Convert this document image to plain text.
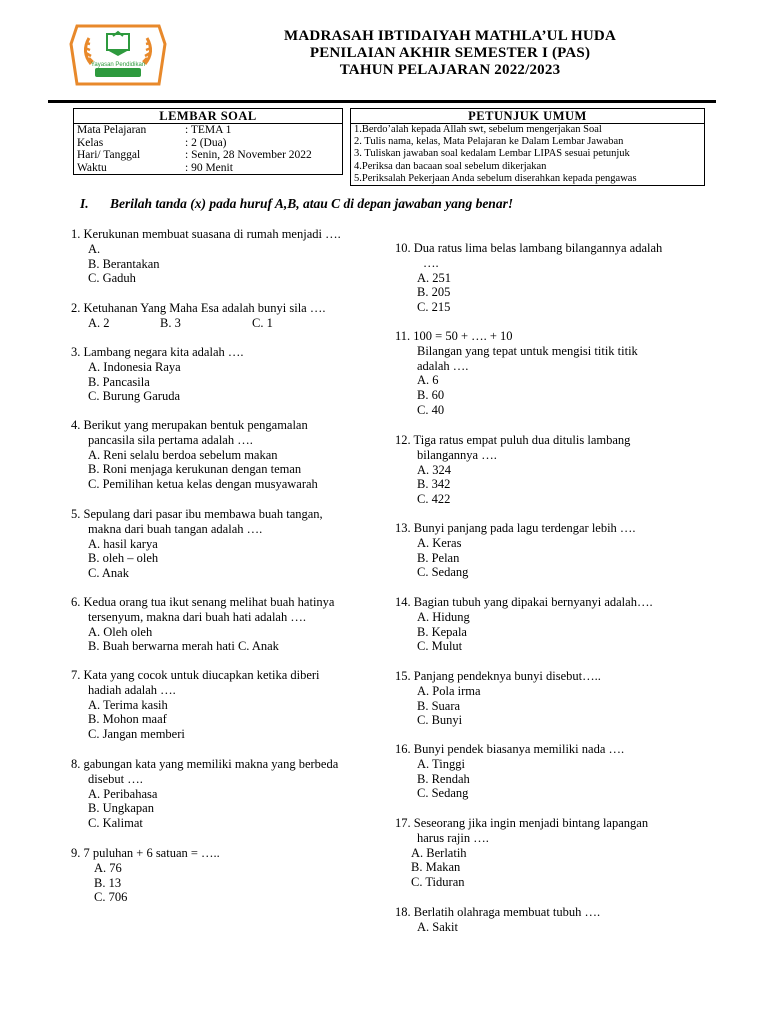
Yayasan Pendidikan
MADRASAH IBTIDAIYAH MATHLA’UL HUDA
PENILAIAN AKHIR SEMESTER I (PAS)
TAHUN PELAJARAN 2022/2023
LEMBAR SOAL

Mata Pelajaran	: TEMA 1
Kelas	: 2 (Dua)
Hari/ Tanggal	: Senin, 28 November 2022
Waktu	: 90 Menit
PETUNJUK UMUM

1.Berdo’alah kepada Allah swt, sebelum mengerjakan Soal
2. Tulis nama, kelas, Mata Pelajaran ke Dalam Lembar Jawaban
3. Tuliskan jawaban soal kedalam Lembar LIPAS sesuai petunjuk
4.Periksa dan bacaan soal sebelum dikerjakan
5.Periksalah Pekerjaan Anda sebelum diserahkan kepada pengawas
I. Berilah tanda (x) pada huruf A,B, atau C di depan jawaban yang benar!
1. Kerukunan membuat suasana di rumah menjadi ….
A.
B. Berantakan
C. Gaduh
2. Ketuhanan Yang Maha Esa adalah bunyi sila ….
A. 2	B. 3	C. 1
3. Lambang negara kita adalah ….
A. Indonesia Raya
B. Pancasila
C. Burung Garuda
4. Berikut yang merupakan bentuk pengamalan
pancasila sila pertama adalah ….
A. Reni selalu berdoa sebelum makan
B. Roni menjaga kerukunan dengan teman
C. Pemilihan ketua kelas dengan musyawarah
5. Sepulang dari pasar ibu membawa buah tangan,
makna dari buah tangan adalah ….
A. hasil karya
B. oleh – oleh
C. Anak
6. Kedua orang tua ikut senang melihat buah hatinya
tersenyum, makna dari buah hati adalah ….
A. Oleh oleh
B. Buah berwarna merah hati C. Anak
7. Kata yang cocok untuk diucapkan ketika diberi
hadiah adalah ….
A. Terima kasih
B. Mohon maaf
C. Jangan memberi
8. gabungan kata yang memiliki makna yang berbeda
disebut ….
A. Peribahasa
B. Ungkapan
C. Kalimat
9. 7 puluhan + 6 satuan = …..
A. 76
B. 13
C. 706
10. Dua ratus lima belas lambang bilangannya adalah
….
A. 251
B. 205
C. 215
11. 100 = 50 + …. + 10
Bilangan yang tepat untuk mengisi titik titik
adalah ….
A. 6
B. 60
C. 40
12. Tiga ratus empat puluh dua ditulis lambang
bilangannya ….
A. 324
B. 342
C. 422
13. Bunyi panjang pada lagu terdengar lebih ….
A. Keras
B. Pelan
C. Sedang
14. Bagian tubuh yang dipakai bernyanyi adalah….
A. Hidung
B. Kepala
C. Mulut
15. Panjang pendeknya bunyi disebut…..
A. Pola irma
B. Suara
C. Bunyi
16. Bunyi pendek biasanya memiliki nada ….
A. Tinggi
B. Rendah
C. Sedang
17. Seseorang jika ingin menjadi bintang lapangan
harus rajin ….
A. Berlatih
B. Makan
C. Tiduran
18. Berlatih olahraga membuat tubuh ….
A. Sakit
